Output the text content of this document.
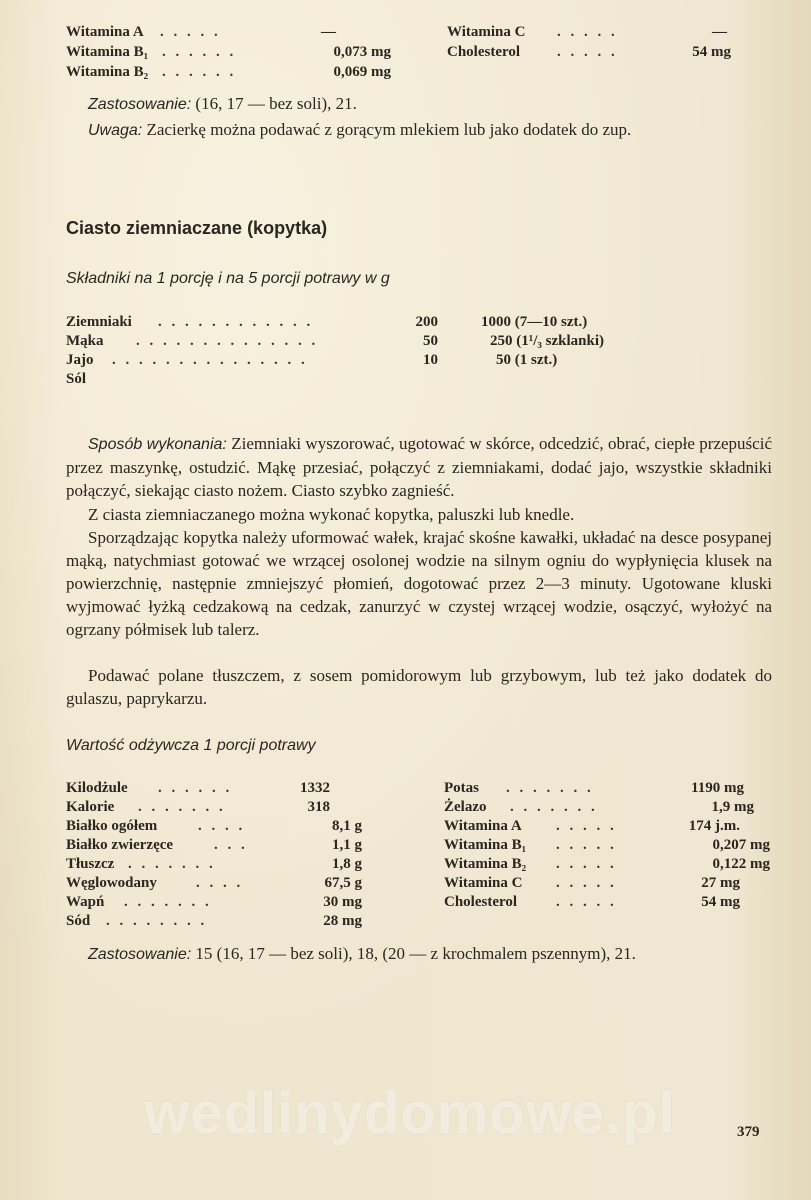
Witamina A . . . . .	—
Witamina B₁ . . . . . .	0,073 mg
Witamina B₂ . . . . . .	0,069 mg
Witamina C . . . . .	—
Cholesterol . . . . .	54 mg
Zastosowanie: (16, 17 — bez soli), 21.
Uwaga: Zacierkę można podawać z gorącym mlekiem lub jako dodatek do zup.
Ciasto ziemniaczane (kopytka)
Składniki na 1 porcję i na 5 porcji potrawy w g
Ziemniaki . . . . . . . . . . . .	200	1000 (7—10 szt.)
Mąka . . . . . . . . . . . . . .	50	250 (1¹/₃ szklanki)
Jajo . . . . . . . . . . . . . . .	10	50 (1 szt.)
Sól
Sposób wykonania: Ziemniaki wyszorować, ugotować w skórce, odcedzić, obrać, ciepłe przepuścić przez maszynkę, ostudzić. Mąkę przesiać, połączyć z ziemniakami, dodać jajo, wszystkie składniki połączyć, siekając ciasto nożem. Ciasto szybko zagnieść.
Z ciasta ziemniaczanego można wykonać kopytka, paluszki lub knedle.
Sporządzając kopytka należy uformować wałek, krajać skośne kawałki, układać na desce posypanej mąką, natychmiast gotować we wrzącej osolonej wodzie na silnym ogniu do wypłynięcia klusek na powierzchnię, następnie zmniejszyć płomień, dogotować przez 2—3 minuty. Ugotowane kluski wyjmować łyżką cedzakową na cedzak, zanurzyć w czystej wrzącej wodzie, osączyć, wyłożyć na ogrzany półmisek lub talerz.
Podawać polane tłuszczem, z sosem pomidorowym lub grzybowym, lub też jako dodatek do gulaszu, paprykarzu.
Wartość odżywcza 1 porcji potrawy
Kilodżule . . . . . .	1332
Kalorie . . . . . . .	318
Białko ogółem	. . . .	8,1 g
Białko zwierzęce	. . .	1,1 g
Tłuszcz . . . . . . .	1,8 g
Węglowodany	. . . .	67,5 g
Wapń . . . . . . .	30 mg
Sód . . . . . . . .	28 mg
Potas . . . . . . .	1190 mg
Żelazo . . . . . . .	1,9 mg
Witamina A . . . . .	174 j.m.
Witamina B₁ . . . . .	0,207 mg
Witamina B₂ . . . . .	0,122 mg
Witamina C . . . . .	27 mg
Cholesterol	. . . . .	54 mg
Zastosowanie: 15 (16, 17 — bez soli), 18, (20 — z krochmalem pszennym), 21.
wedlinydomowe.pl	379
